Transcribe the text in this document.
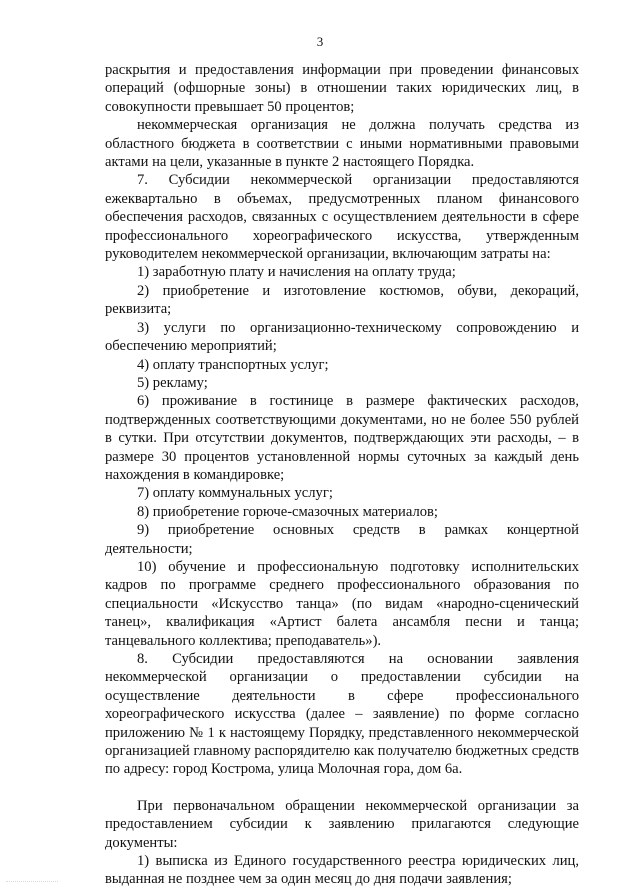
3

раскрытия и предоставления информации при проведении финансовых операций (офшорные зоны) в отношении таких юридических лиц, в совокупности превышает 50 процентов;

некоммерческая организация не должна получать средства из областного бюджета в соответствии с иными нормативными правовыми актами на цели, указанные в пункте 2 настоящего Порядка.

7. Субсидии некоммерческой организации предоставляются ежеквартально в объемах, предусмотренных планом финансового обеспечения расходов, связанных с осуществлением деятельности в сфере профессионального хореографического искусства, утвержденным руководителем некоммерческой организации, включающим затраты на:

1) заработную плату и начисления на оплату труда;

2) приобретение и изготовление костюмов, обуви, декораций, реквизита;

3) услуги по организационно-техническому сопровождению и обеспечению мероприятий;

4) оплату транспортных услуг;

5) рекламу;

6) проживание в гостинице в размере фактических расходов, подтвержденных соответствующими документами, но не более 550 рублей в сутки. При отсутствии документов, подтверждающих эти расходы, – в размере 30 процентов установленной нормы суточных за каждый день нахождения в командировке;

7) оплату коммунальных услуг;

8) приобретение горюче-смазочных материалов;

9) приобретение основных средств в рамках концертной деятельности;

10) обучение и профессиональную подготовку исполнительских кадров по программе среднего профессионального образования по специальности «Искусство танца» (по видам «народно-сценический танец», квалификация «Артист балета ансамбля песни и танца; танцевального коллектива; преподаватель»).

8. Субсидии предоставляются на основании заявления некоммерческой организации о предоставлении субсидии на осуществление деятельности в сфере профессионального хореографического искусства (далее – заявление) по форме согласно приложению № 1 к настоящему Порядку, представленного некоммерческой организацией главному распорядителю как получателю бюджетных средств по адресу: город Кострома, улица Молочная гора, дом 6а.

При первоначальном обращении некоммерческой организации за предоставлением субсидии к заявлению прилагаются следующие документы:

1) выписка из Единого государственного реестра юридических лиц, выданная не позднее чем за один месяц до дня подачи заявления;
